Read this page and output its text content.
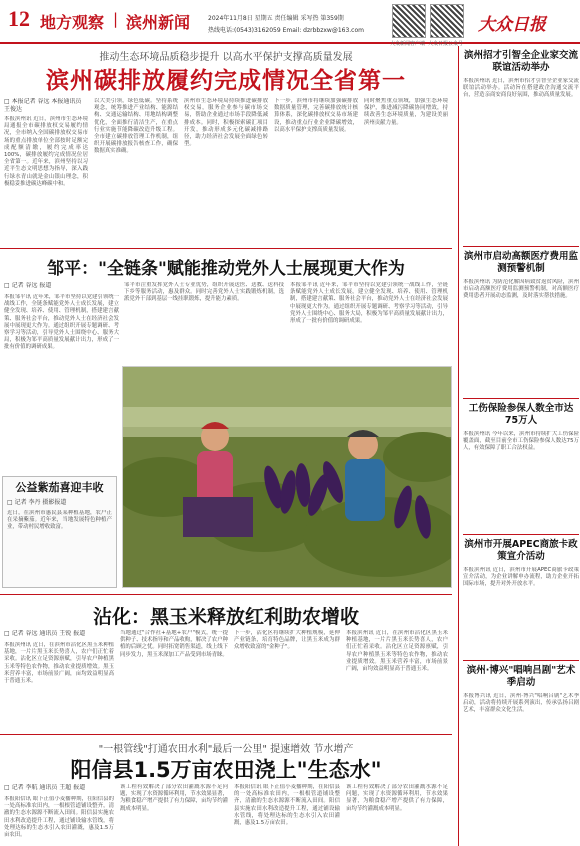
12 地方观察 | 滨州新闻	2024年11月8日 星期五 责任编辑 采写热 第359期
热线电话:(0543)3162059 Email: dzrbbzxw@163.com
大众新闻客户端 大众日报公众号
大众日报
推动生态环境品质稳步提升 以高水平保护支撑高质量发展
滨州碳排放履约完成情况全省第一

□ 本报记者 谷远 本报通讯员 王俊达

本报滨州讯 近日，滨州市生态环境局通报全市碳排放权交易履约情况，全市纳入全国碳排放权交易市场的重点排放单位全部按时足额完成配额清缴，履约完成率达100%，碳排放履约完成情况位居全省第一。近年来，滨州坚持以习近平生态文明思想为指导，深入践行绿水青山就是金山银山理念，积极稳妥推进碳达峰碳中和。
以大美引领，绿色低碳。坚持系统观念，统筹推进产业结构、能源结构、交通运输结构、用地结构调整优化，全面推行清洁生产，在重点行业实施节能降碳改造升级工程。全市建立碳排放管理工作机制，组织开展碳排放报告核查工作，确保数据真实准确。
滨州市生态环境局持续推进碳排放权交易，服务企业参与碳市场交易，帮助企业通过市场手段降低减排成本。同时，积极探索碳汇项目开发，推动形成多元化碳减排路径，助力经济社会发展全面绿色转型。
下一步，滨州市将继续加强碳排放数据质量管理，完善碳排放统计核算体系，深化碳排放权交易市场建设，推动重点行业企业降碳增效，以高水平保护支撑高质量发展。
同时聚焦重点领域，加强生态环境保护，推进减污降碳协同增效，持续改善生态环境质量，为建设美丽滨州贡献力量。
邹平："全链条"赋能推动党外人士展现更大作为

□ 记者 谷远 报道

本报邹平讯 近年来，邹平市坚持以党建引领统一战线工作，全链条赋能党外人士成长发展，建立健全发现、培养、使用、管理机制，搭建建言献策、服务社会平台，推动党外人士在经济社会发展中展现更大作为。通过组织开展专题调研、考察学习等活动，引导党外人士围绕中心、服务大局，积极为邹平高质量发展献计出力，形成了一批有价值的调研成果。
邹平市注重发挥党外人士专业优势，组织开展送医、送教、送科技下乡等服务活动，惠及群众。同时完善党外人士实践锻炼机制，选派党外干部到基层一线挂职锻炼，提升能力素质。
本报邹平讯 近年来，邹平市坚持以党建引领统一战线工作，全链条赋能党外人士成长发展，建立健全发现、培养、使用、管理机制，搭建建言献策、服务社会平台，推动党外人士在经济社会发展中展现更大作为。通过组织开展专题调研、考察学习等活动，引导党外人士围绕中心、服务大局，积极为邹平高质量发展献计出力，形成了一批有价值的调研成果。
公益紫茄喜迎丰收

□ 记者 李丹 摄影报道

近日，在滨州市惠民县某种植基地，农户正在采摘紫茄。近年来，当地发展特色种植产业，带动村民增收致富。

沾化：黑玉米释放红利助农增收

□ 记者 谷远 通讯员 王锐 报道

本报滨州讯 近日，在滨州市沾化区黑玉米种植基地，一片片黑玉米长势喜人，农户们正忙着采收。沾化区立足资源禀赋，引导农户种植黑玉米等特色农作物，推动农业提质增效。黑玉米营养丰富，市场前景广阔，亩均效益明显高于普通玉米。
当地通过"合作社+基地+农户"模式，统一提供种子、技术指导和产品收购，解决了农户种植的后顾之忧。同时拓宽销售渠道，线上线下同步发力，黑玉米深加工产品受到市场青睐。
下一步，沾化区将继续扩大种植规模，延伸产业链条，培育特色品牌，让黑玉米成为群众增收致富的"金种子"。
本报滨州讯 近日，在滨州市沾化区黑玉米种植基地，一片片黑玉米长势喜人，农户们正忙着采收。沾化区立足资源禀赋，引导农户种植黑玉米等特色农作物，推动农业提质增效。黑玉米营养丰富，市场前景广阔，亩均效益明显高于普通玉米。
"一根管线"打通农田水利"最后一公里" 提速增效 节水增产
阳信县1.5万亩农田浇上"生态水"

□ 记者 李航 通讯员 王超 报道

本报阳信讯 眼下正值小麦播种期，在阳信县的一处高标准农田内，一根根管道铺设整齐，清澈的生态水源源不断流入田间。阳信县实施农田水利改造提升工程，通过铺设输水管线，将处理达标的生态水引入农田灌溉，惠及1.5万亩农田。
该工程有效解决了部分农田灌溉水源不足问题，实现了水资源循环利用，节水效果显著，为粮食稳产增产提供了有力保障，亩均节约灌溉成本明显。
本报阳信讯 眼下正值小麦播种期，在阳信县的一处高标准农田内，一根根管道铺设整齐，清澈的生态水源源不断流入田间。阳信县实施农田水利改造提升工程，通过铺设输水管线，将处理达标的生态水引入农田灌溉，惠及1.5万亩农田。
该工程有效解决了部分农田灌溉水源不足问题，实现了水资源循环利用，节水效果显著，为粮食稳产增产提供了有力保障，亩均节约灌溉成本明显。
滨州招才引智全企业家交流联谊活动举办

本报滨州讯 近日，滨州市招才引智全企业家交流联谊活动举办。活动旨在搭建政企沟通交流平台，营造亲商安商良好氛围，推动高质量发展。

滨州市启动高额医疗费用监测预警机制

本报滨州讯 为防范化解因病致贫返贫风险，滨州市启动高额医疗费用监测预警机制，对高额医疗费用患者开展动态监测，及时落实帮扶措施。

工伤保险参保人数全市达75万人

本报滨州讯 今年以来，滨州市持续扩大工伤保险覆盖面，截至目前全市工伤保险参保人数达75万人，有效保障了职工合法权益。

滨州市开展APEC商旅卡政策宣介活动

本报滨州讯 近日，滨州市开展APEC商旅卡政策宣介活动，为企业讲解申办流程，助力企业开拓国际市场，提升对外开放水平。

滨州·博兴"唱响吕剧"艺术季启动

本报博兴讯 近日，滨州·博兴"唱响吕剧"艺术季启动，活动将持续开展系列演出，传承弘扬吕剧艺术，丰富群众文化生活。
